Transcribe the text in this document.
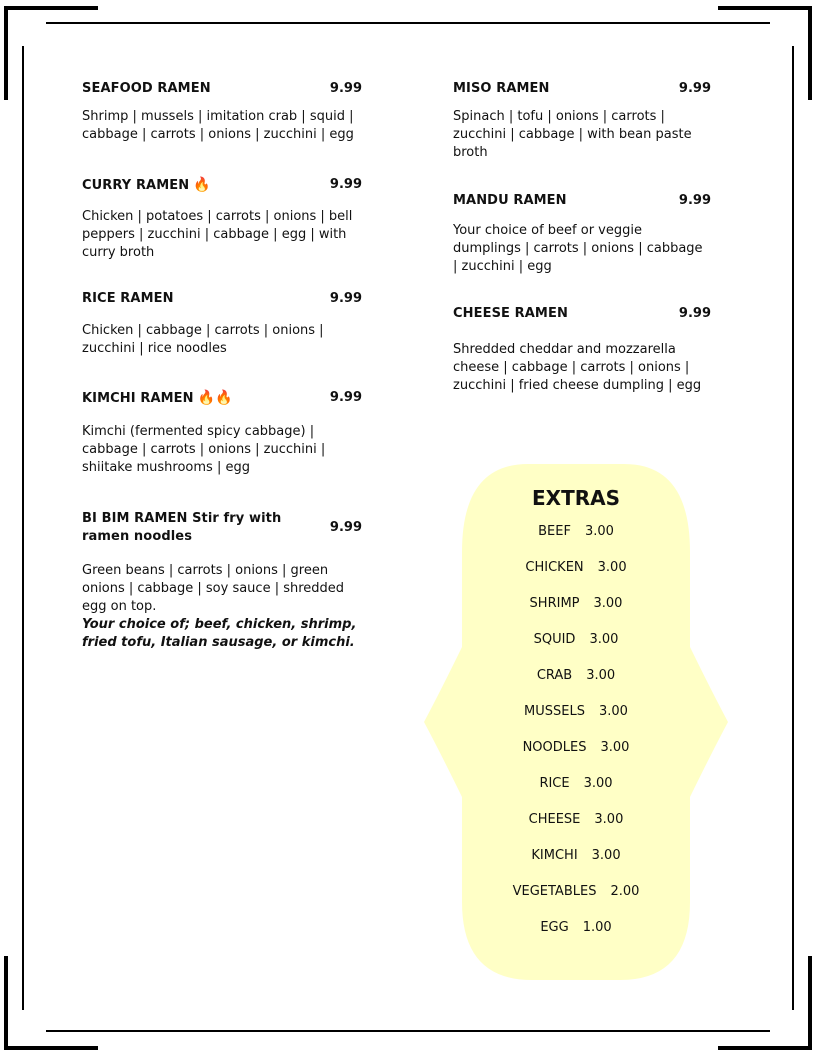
SEAFOOD RAMEN	9.99
Shrimp | mussels | imitation crab | squid | cabbage | carrots | onions | zucchini | egg
CURRY RAMEN 🔥	9.99
Chicken | potatoes | carrots | onions | bell peppers | zucchini | cabbage | egg | with curry broth
RICE RAMEN	9.99
Chicken | cabbage | carrots | onions | zucchini | rice noodles
KIMCHI RAMEN 🔥🔥	9.99
Kimchi (fermented spicy cabbage) | cabbage | carrots | onions | zucchini | shiitake mushrooms | egg
BI BIM RAMEN Stir fry with ramen noodles
9.99
Green beans | carrots | onions | green onions | cabbage | soy sauce | shredded egg on top.
Your choice of; beef, chicken, shrimp, fried tofu, Italian sausage, or kimchi.
MISO RAMEN	9.99
Spinach | tofu | onions | carrots | zucchini | cabbage | with bean paste broth
MANDU RAMEN	9.99
Your choice of beef or veggie dumplings | carrots | onions | cabbage | zucchini | egg
CHEESE RAMEN	9.99
Shredded cheddar and mozzarella cheese | cabbage | carrots | onions | zucchini | fried cheese dumpling | egg
EXTRAS
BEEF 3.00
CHICKEN 3.00
SHRIMP 3.00
SQUID 3.00
CRAB 3.00
MUSSELS 3.00
NOODLES 3.00
RICE 3.00
CHEESE 3.00
KIMCHI 3.00
VEGETABLES 2.00
EGG 1.00
